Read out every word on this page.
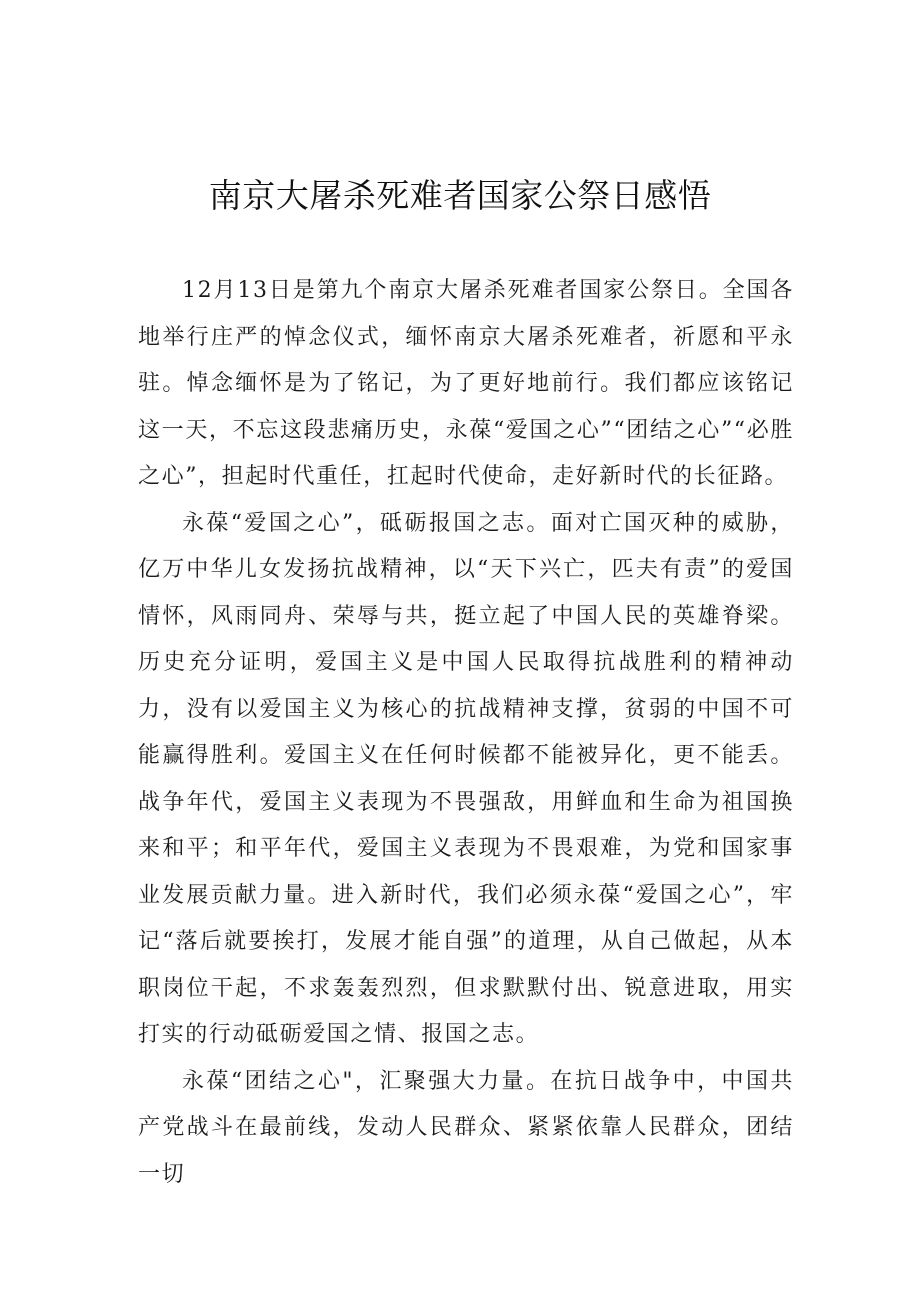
南京大屠杀死难者国家公祭日感悟

12月13日是第九个南京大屠杀死难者国家公祭日。全国各地举行庄严的悼念仪式，缅怀南京大屠杀死难者，祈愿和平永驻。悼念缅怀是为了铭记，为了更好地前行。我们都应该铭记这一天，不忘这段悲痛历史，永葆“爱国之心”“团结之心”“必胜之心”，担起时代重任，扛起时代使命，走好新时代的长征路。

永葆“爱国之心”，砥砺报国之志。面对亡国灭种的威胁，亿万中华儿女发扬抗战精神，以“天下兴亡，匹夫有责”的爱国情怀，风雨同舟、荣辱与共，挺立起了中国人民的英雄脊梁。历史充分证明，爱国主义是中国人民取得抗战胜利的精神动力，没有以爱国主义为核心的抗战精神支撑，贫弱的中国不可能赢得胜利。爱国主义在任何时候都不能被异化，更不能丢。战争年代，爱国主义表现为不畏强敌，用鲜血和生命为祖国换来和平；和平年代，爱国主义表现为不畏艰难，为党和国家事业发展贡献力量。进入新时代，我们必须永葆“爱国之心”，牢记“落后就要挨打，发展才能自强”的道理，从自己做起，从本职岗位干起，不求轰轰烈烈，但求默默付出、锐意进取，用实打实的行动砥砺爱国之情、报国之志。

永葆“团结之心"，汇聚强大力量。在抗日战争中，中国共产党战斗在最前线，发动人民群众、紧紧依靠人民群众，团结一切
